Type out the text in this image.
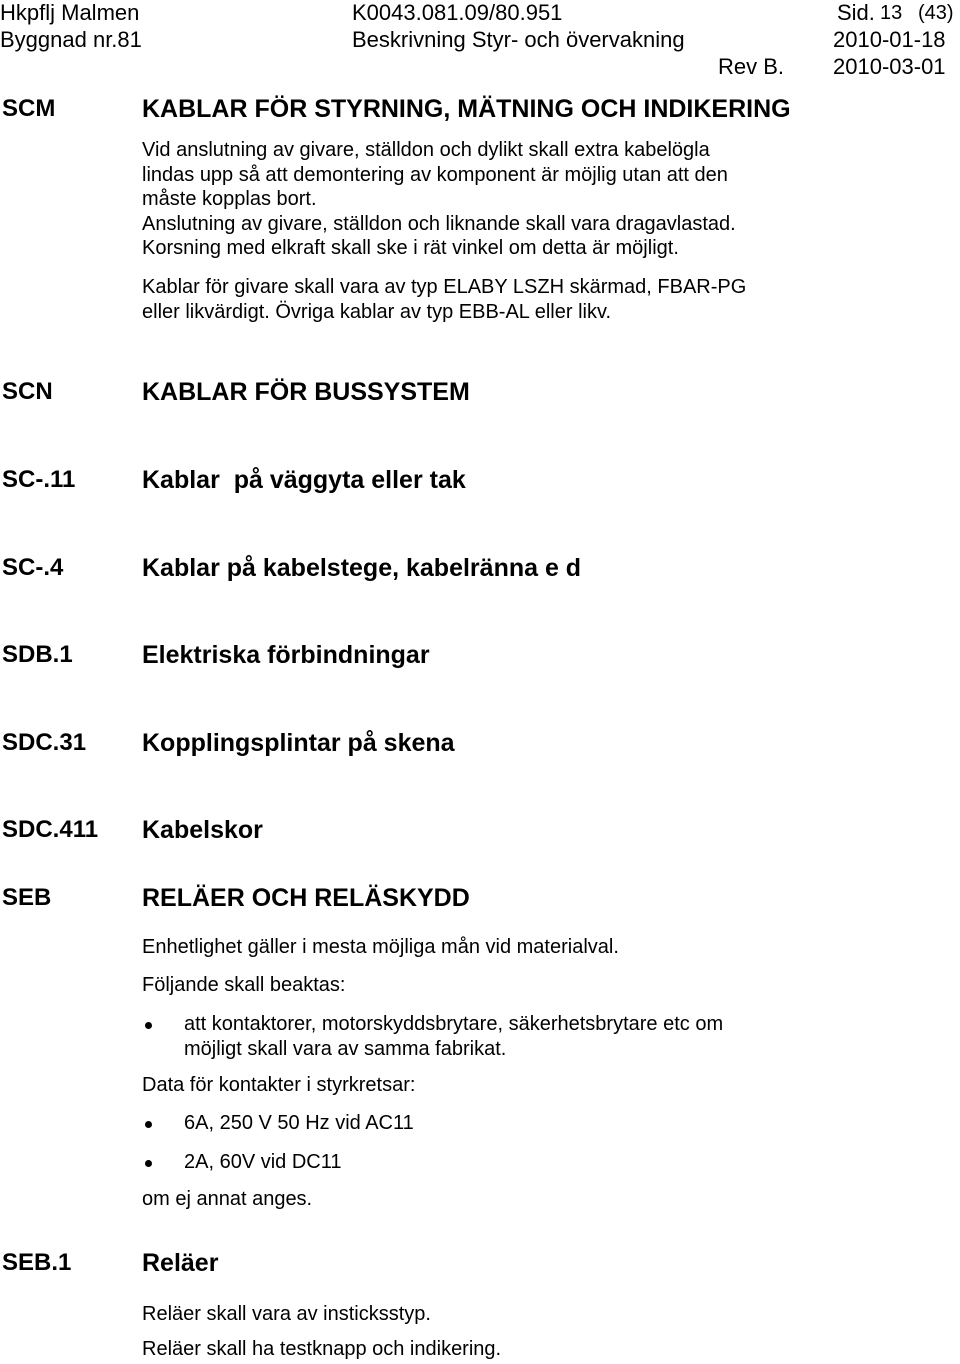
Hkpflj Malmen
Byggnad nr.81
K0043.081.09/80.951
Beskrivning Styr- och övervakning
Sid. 13 (43)
2010-01-18
Rev B. 2010-03-01
SCM	KABLAR FÖR STYRNING, MÄTNING OCH INDIKERING
Vid anslutning av givare, ställdon och dylikt skall extra kabelögla
lindas upp så att demontering av komponent är möjlig utan att den
måste kopplas bort.
Anslutning av givare, ställdon och liknande skall vara dragavlastad.
Korsning med elkraft skall ske i rät vinkel om detta är möjligt.
Kablar för givare skall vara av typ ELABY LSZH skärmad, FBAR-PG
eller likvärdigt. Övriga kablar av typ EBB-AL eller likv.
SCN	KABLAR FÖR BUSSYSTEM
SC-.11	Kablar  på väggyta eller tak
SC-.4	Kablar på kabelstege, kabelränna e d
SDB.1	Elektriska förbindningar
SDC.31 Kopplingsplintar på skena
SDC.411 Kabelskor
SEB	RELÄER OCH RELÄSKYDD
Enhetlighet gäller i mesta möjliga mån vid materialval.
Följande skall beaktas:
att kontaktorer, motorskyddsbrytare, säkerhetsbrytare etc om
möjligt skall vara av samma fabrikat.
Data för kontakter i styrkretsar:
6A, 250 V 50 Hz vid AC11
2A, 60V vid DC11
om ej annat anges.
SEB.1	Reläer
Reläer skall vara av insticksstyp.
Reläer skall ha testknapp och indikering.
